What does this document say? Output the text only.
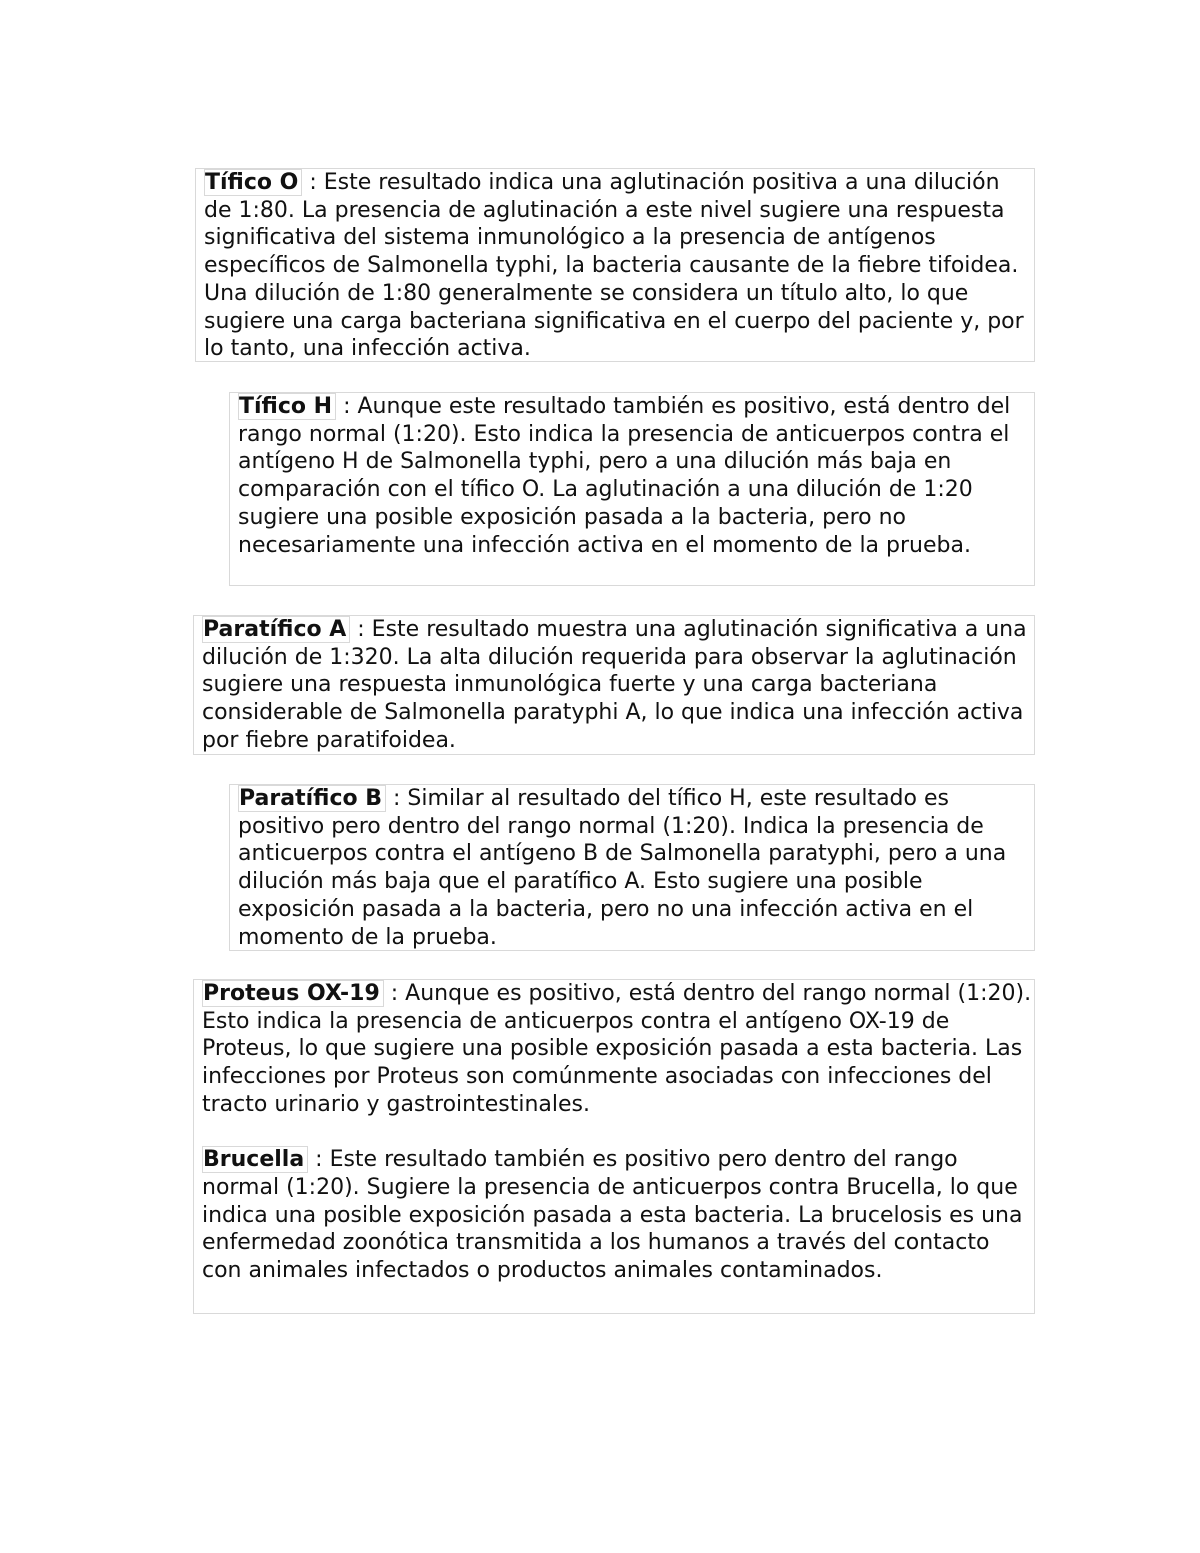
Tífico O : Este resultado indica una aglutinación positiva a una dilución de 1:80. La presencia de aglutinación a este nivel sugiere una respuesta significativa del sistema inmunológico a la presencia de antígenos específicos de Salmonella typhi, la bacteria causante de la fiebre tifoidea. Una dilución de 1:80 generalmente se considera un título alto, lo que sugiere una carga bacteriana significativa en el cuerpo del paciente y, por lo tanto, una infección activa.

Tífico H : Aunque este resultado también es positivo, está dentro del rango normal (1:20). Esto indica la presencia de anticuerpos contra el antígeno H de Salmonella typhi, pero a una dilución más baja en comparación con el tífico O. La aglutinación a una dilución de 1:20 sugiere una posible exposición pasada a la bacteria, pero no necesariamente una infección activa en el momento de la prueba.

Paratífico A : Este resultado muestra una aglutinación significativa a una dilución de 1:320. La alta dilución requerida para observar la aglutinación sugiere una respuesta inmunológica fuerte y una carga bacteriana considerable de Salmonella paratyphi A, lo que indica una infección activa por fiebre paratifoidea.

Paratífico B : Similar al resultado del tífico H, este resultado es positivo pero dentro del rango normal (1:20). Indica la presencia de anticuerpos contra el antígeno B de Salmonella paratyphi, pero a una dilución más baja que el paratífico A. Esto sugiere una posible exposición pasada a la bacteria, pero no una infección activa en el momento de la prueba.

Proteus OX-19 : Aunque es positivo, está dentro del rango normal (1:20). Esto indica la presencia de anticuerpos contra el antígeno OX-19 de Proteus, lo que sugiere una posible exposición pasada a esta bacteria. Las infecciones por Proteus son comúnmente asociadas con infecciones del tracto urinario y gastrointestinales.

Brucella : Este resultado también es positivo pero dentro del rango normal (1:20). Sugiere la presencia de anticuerpos contra Brucella, lo que indica una posible exposición pasada a esta bacteria. La brucelosis es una enfermedad zoonótica transmitida a los humanos a través del contacto con animales infectados o productos animales contaminados.
